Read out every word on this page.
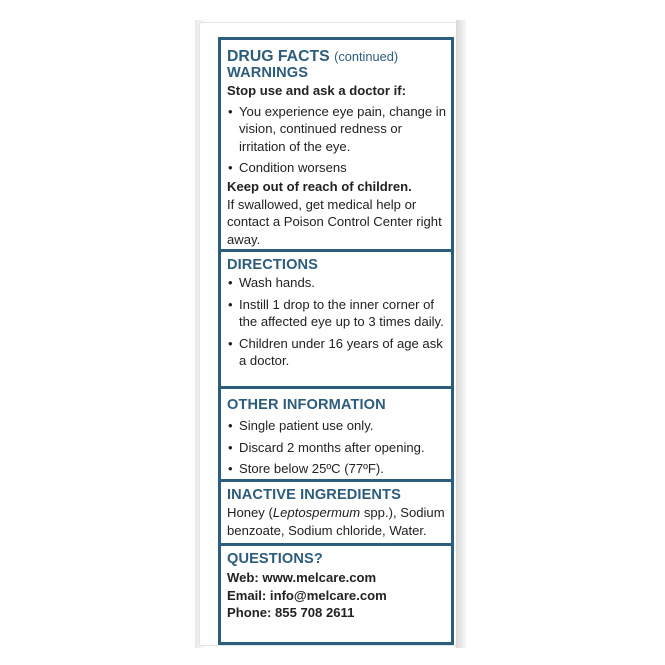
DRUG FACTS (continued)
WARNINGS

Stop use and ask a doctor if:

• You experience eye pain, change in vision, continued redness or irritation of the eye.
• Condition worsens

Keep out of reach of children.

If swallowed, get medical help or contact a Poison Control Center right away.

DIRECTIONS
• Wash hands.
• Instill 1 drop to the inner corner of the affected eye up to 3 times daily.
• Children under 16 years of age ask a doctor.
OTHER INFORMATION
• Single patient use only.
• Discard 2 months after opening.
• Store below 25ºC (77ºF).
INACTIVE INGREDIENTS

Honey (Leptospermum spp.), Sodium benzoate, Sodium chloride, Water.

QUESTIONS?

Web: www.melcare.com

Email: info@melcare.com

Phone: 855 708 2611
